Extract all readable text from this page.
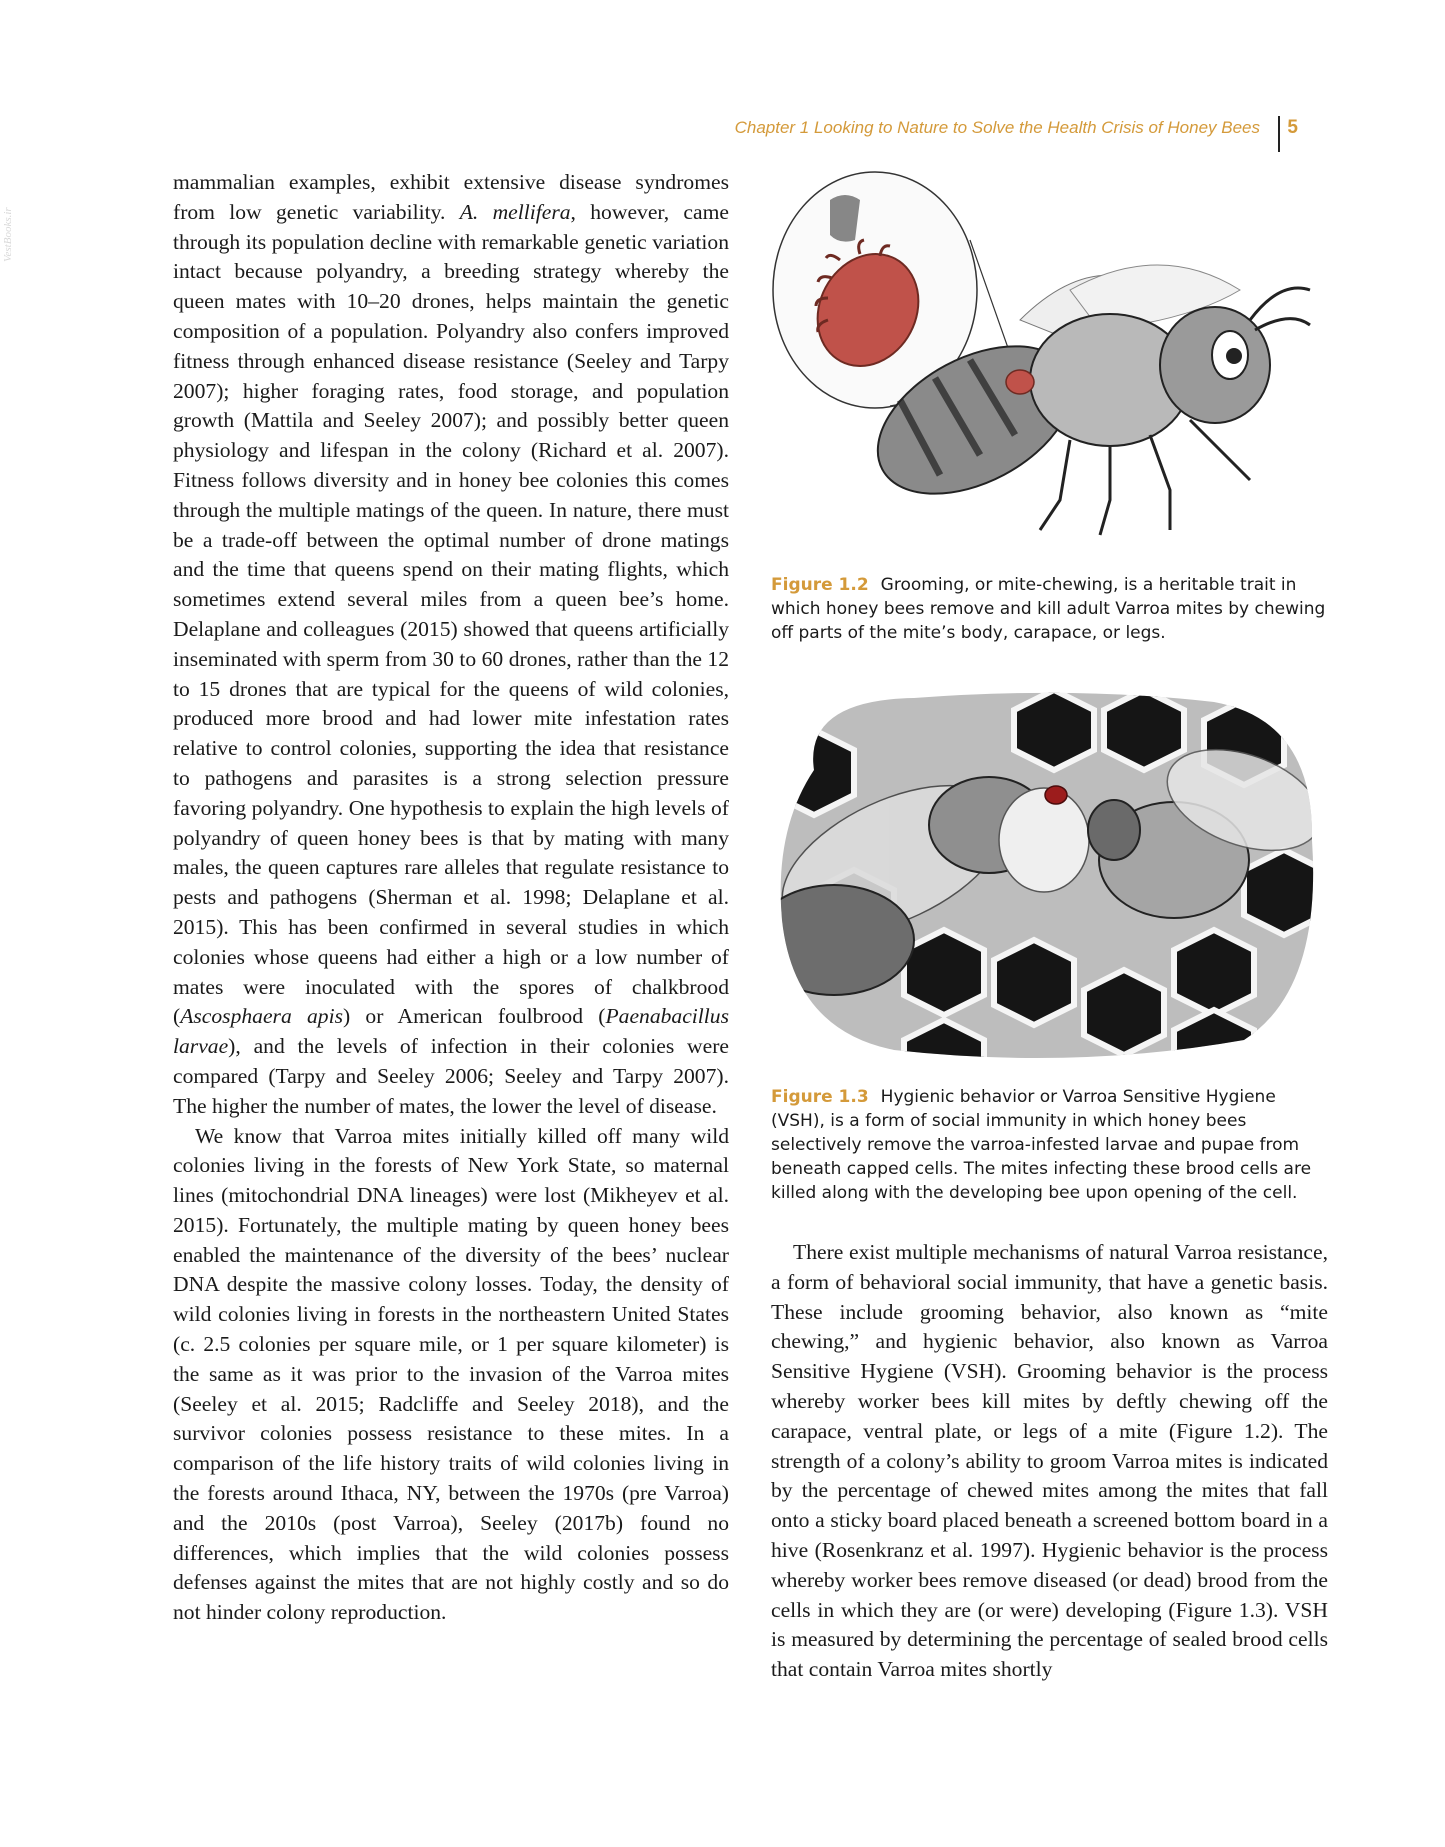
Chapter 1 Looking to Nature to Solve the Health Crisis of Honey Bees 5
VestBooks.ir

mammalian examples, exhibit extensive disease syndromes from low genetic variability. A. mellifera, however, came through its population decline with remarkable genetic variation intact because polyandry, a breeding strategy whereby the queen mates with 10–20 drones, helps maintain the genetic composition of a population. Polyandry also confers improved fitness through enhanced disease resistance (Seeley and Tarpy 2007); higher foraging rates, food storage, and population growth (Mattila and Seeley 2007); and possibly better queen physiology and lifespan in the colony (Richard et al. 2007). Fitness follows diversity and in honey bee colonies this comes through the multiple matings of the queen. In nature, there must be a trade-off between the optimal number of drone matings and the time that queens spend on their mating flights, which sometimes extend several miles from a queen bee’s home. Delaplane and colleagues (2015) showed that queens artificially inseminated with sperm from 30 to 60 drones, rather than the 12 to 15 drones that are typical for the queens of wild colonies, produced more brood and had lower mite infestation rates relative to control colonies, supporting the idea that resistance to pathogens and parasites is a strong selection pressure favoring polyandry. One hypothesis to explain the high levels of polyandry of queen honey bees is that by mating with many males, the queen captures rare alleles that regulate resistance to pests and pathogens (Sherman et al. 1998; Delaplane et al. 2015). This has been confirmed in several studies in which colonies whose queens had either a high or a low number of mates were inoculated with the spores of chalkbrood (Ascosphaera apis) or American foulbrood (Paenabacillus larvae), and the levels of infection in their colonies were compared (Tarpy and Seeley 2006; Seeley and Tarpy 2007). The higher the number of mates, the lower the level of disease.

We know that Varroa mites initially killed off many wild colonies living in the forests of New York State, so maternal lines (mitochondrial DNA lineages) were lost (Mikheyev et al. 2015). Fortunately, the multiple mating by queen honey bees enabled the maintenance of the diversity of the bees’ nuclear DNA despite the massive colony losses. Today, the density of wild colonies living in forests in the northeastern United States (c. 2.5 colonies per square mile, or 1 per square kilometer) is the same as it was prior to the invasion of the Varroa mites (Seeley et al. 2015; Radcliffe and Seeley 2018), and the survivor colonies possess resistance to these mites. In a comparison of the life history traits of wild colonies living in the forests around Ithaca, NY, between the 1970s (pre Varroa) and the 2010s (post Varroa), Seeley (2017b) found no differences, which implies that the wild colonies possess defenses against the mites that are not highly costly and so do not hinder colony reproduction.

Figure 1.2 Grooming, or mite-chewing, is a heritable trait in which honey bees remove and kill adult Varroa mites by chewing off parts of the mite’s body, carapace, or legs.
Figure 1.3 Hygienic behavior or Varroa Sensitive Hygiene (VSH), is a form of social immunity in which honey bees selectively remove the varroa-infested larvae and pupae from beneath capped cells. The mites infecting these brood cells are killed along with the developing bee upon opening of the cell.

There exist multiple mechanisms of natural Varroa resistance, a form of behavioral social immunity, that have a genetic basis. These include grooming behavior, also known as “mite chewing,” and hygienic behavior, also known as Varroa Sensitive Hygiene (VSH). Grooming behavior is the process whereby worker bees kill mites by deftly chewing off the carapace, ventral plate, or legs of a mite (Figure 1.2). The strength of a colony’s ability to groom Varroa mites is indicated by the percentage of chewed mites among the mites that fall onto a sticky board placed beneath a screened bottom board in a hive (Rosenkranz et al. 1997). Hygienic behavior is the process whereby worker bees remove diseased (or dead) brood from the cells in which they are (or were) developing (Figure 1.3). VSH is measured by determining the percentage of sealed brood cells that contain Varroa mites shortly
